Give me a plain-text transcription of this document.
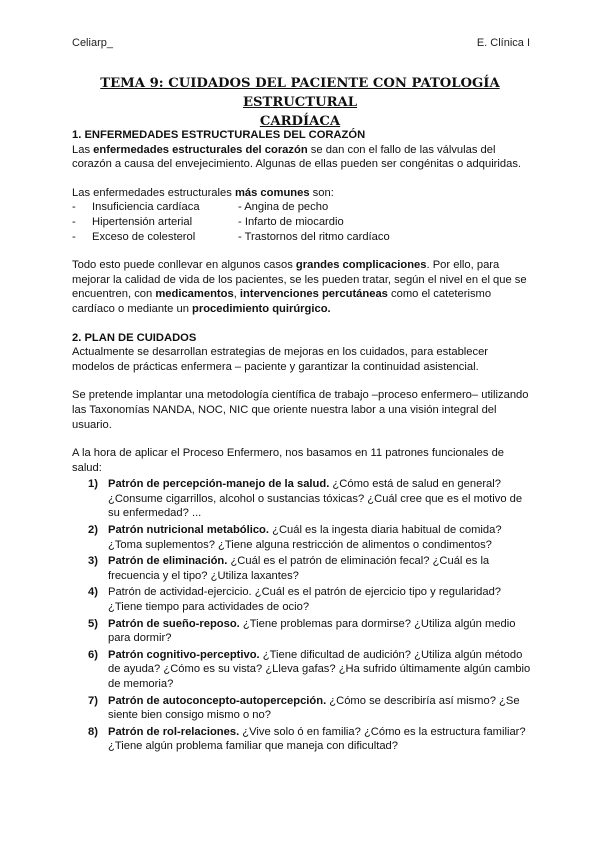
Celiarp_	E. Clínica I
TEMA 9: CUIDADOS DEL PACIENTE CON PATOLOGÍA ESTRUCTURAL
CARDÍACA
1. ENFERMEDADES ESTRUCTURALES DEL CORAZÓN

Las enfermedades estructurales del corazón se dan con el fallo de las válvulas del corazón a causa del envejecimiento. Algunas de ellas pueden ser congénitas o adquiridas.

Las enfermedades estructurales más comunes son:

-	Insuficiencia cardíaca	- Angina de pecho
-	Hipertensión arterial	- Infarto de miocardio
-	Exceso de colesterol	- Trastornos del ritmo cardíaco

Todo esto puede conllevar en algunos casos grandes complicaciones. Por ello, para mejorar la calidad de vida de los pacientes, se les pueden tratar, según el nivel en el que se encuentren, con medicamentos, intervenciones percutáneas como el cateterismo cardíaco o mediante un procedimiento quirúrgico.

2. PLAN DE CUIDADOS

Actualmente se desarrollan estrategias de mejoras en los cuidados, para establecer modelos de prácticas enfermera – paciente y garantizar la continuidad asistencial.

Se pretende implantar una metodología científica de trabajo –proceso enfermero– utilizando las Taxonomías NANDA, NOC, NIC que oriente nuestra labor a una visión integral del usuario.

A la hora de aplicar el Proceso Enfermero, nos basamos en 11 patrones funcionales de salud:

1) Patrón de percepción-manejo de la salud. ¿Cómo está de salud en general? ¿Consume cigarrillos, alcohol o sustancias tóxicas? ¿Cuál cree que es el motivo de su enfermedad? ...
2) Patrón nutricional metabólico. ¿Cuál es la ingesta diaria habitual de comida? ¿Toma suplementos? ¿Tiene alguna restricción de alimentos o condimentos?
3) Patrón de eliminación. ¿Cuál es el patrón de eliminación fecal? ¿Cuál es la frecuencia y el tipo? ¿Utiliza laxantes?
4) Patrón de actividad-ejercicio. ¿Cuál es el patrón de ejercicio tipo y regularidad? ¿Tiene tiempo para actividades de ocio?
5) Patrón de sueño-reposo. ¿Tiene problemas para dormirse? ¿Utiliza algún medio para dormir?
6) Patrón cognitivo-perceptivo. ¿Tiene dificultad de audición? ¿Utiliza algún método de ayuda? ¿Cómo es su vista? ¿Lleva gafas? ¿Ha sufrido últimamente algún cambio de memoria?
7) Patrón de autoconcepto-autopercepción. ¿Cómo se describiría así mismo? ¿Se siente bien consigo mismo o no?
8) Patrón de rol-relaciones. ¿Vive solo ó en familia? ¿Cómo es la estructura familiar? ¿Tiene algún problema familiar que maneja con dificultad?
